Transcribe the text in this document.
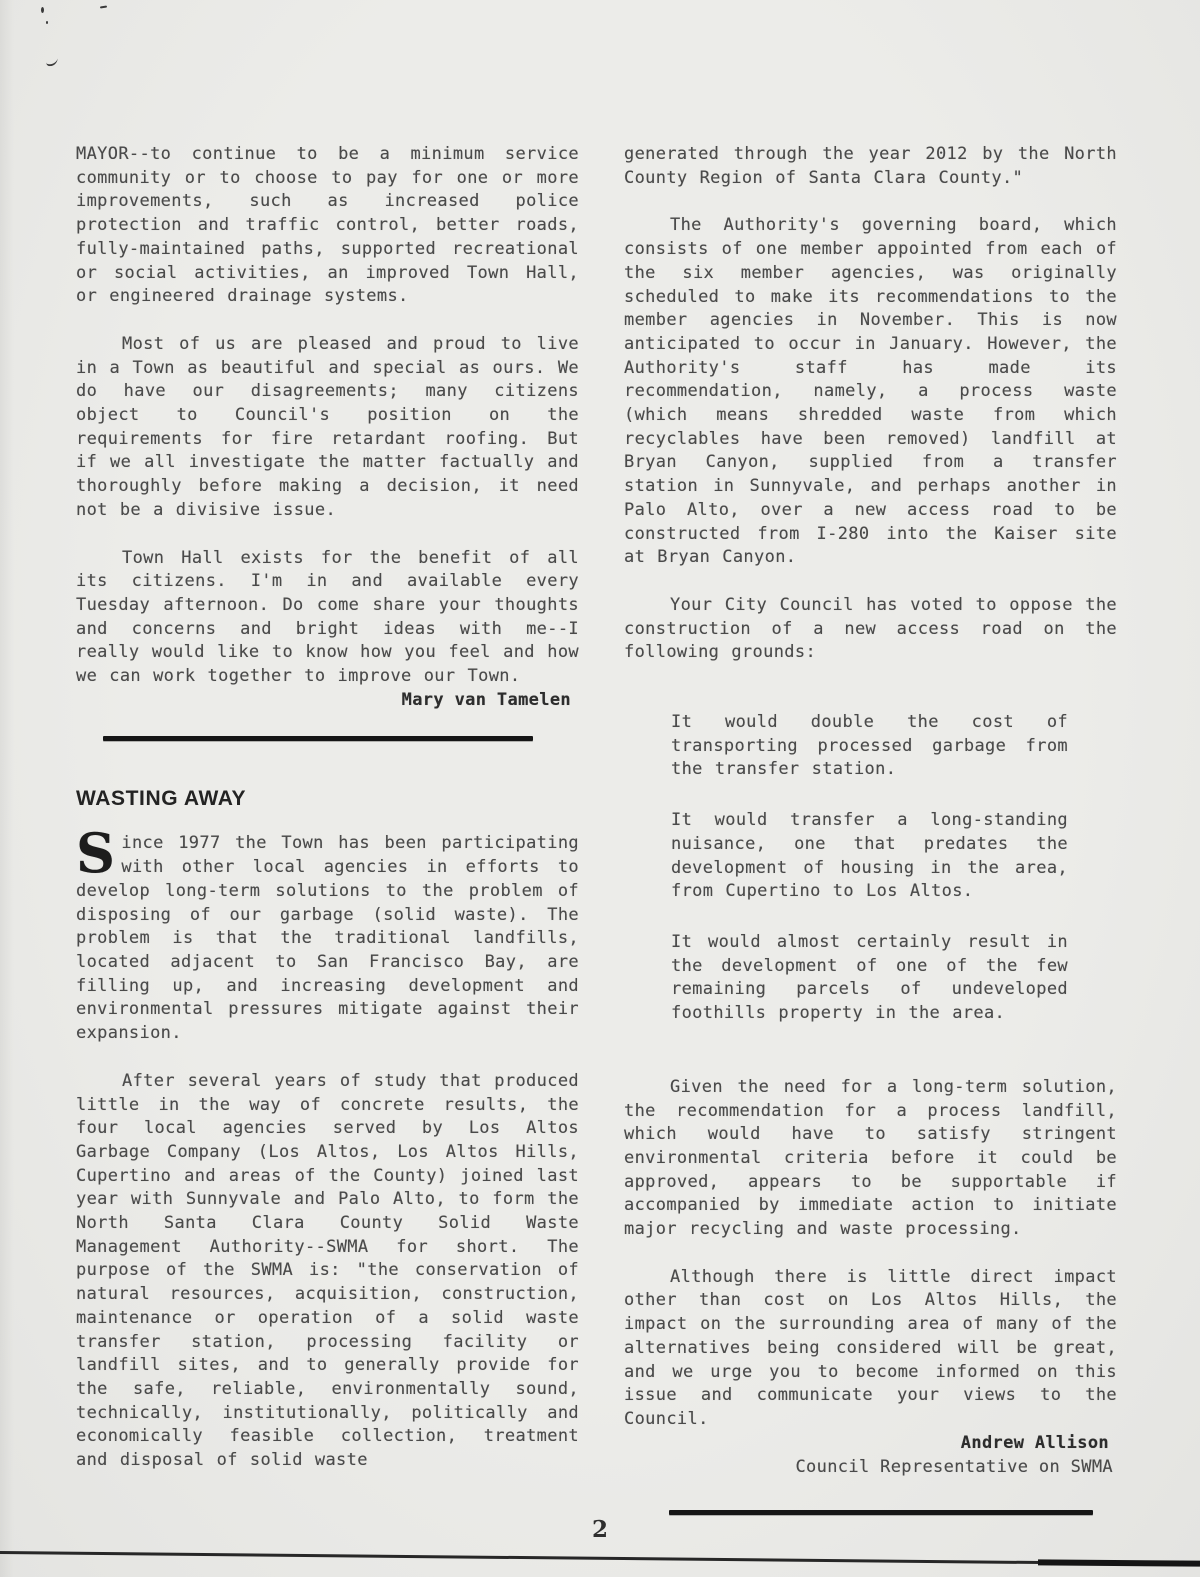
MAYOR--to continue to be a minimum service community or to choose to pay for one or more improvements, such as increased police protection and traffic control, better roads, fully-maintained paths, supported recreational or social activities, an improved Town Hall, or engineered drainage systems.

Most of us are pleased and proud to live in a Town as beautiful and special as ours. We do have our disagreements; many citizens object to Council's position on the requirements for fire retardant roofing. But if we all investigate the matter factually and thoroughly before making a decision, it need not be a divisive issue.

Town Hall exists for the benefit of all its citizens. I'm in and available every Tuesday afternoon. Do come share your thoughts and concerns and bright ideas with me--I really would like to know how you feel and how we can work together to improve our Town.

Mary van Tamelen
WASTING AWAY

Since 1977 the Town has been participating with other local agencies in efforts to develop long-term solutions to the problem of disposing of our garbage (solid waste). The problem is that the traditional landfills, located adjacent to San Francisco Bay, are filling up, and increasing development and environmental pressures mitigate against their expansion.

After several years of study that produced little in the way of concrete results, the four local agencies served by Los Altos Garbage Company (Los Altos, Los Altos Hills, Cupertino and areas of the County) joined last year with Sunnyvale and Palo Alto, to form the North Santa Clara County Solid Waste Management Authority--SWMA for short. The purpose of the SWMA is: "the conservation of natural resources, acquisition, construction, maintenance or operation of a solid waste transfer station, processing facility or landfill sites, and to generally provide for the safe, reliable, environmentally sound, technically, institutionally, politically and economically feasible collection, treatment and disposal of solid waste

generated through the year 2012 by the North County Region of Santa Clara County."

The Authority's governing board, which consists of one member appointed from each of the six member agencies, was originally scheduled to make its recommendations to the member agencies in November. This is now anticipated to occur in January. However, the Authority's staff has made its recommendation, namely, a process waste (which means shredded waste from which recyclables have been removed) landfill at Bryan Canyon, supplied from a transfer station in Sunnyvale, and perhaps another in Palo Alto, over a new access road to be constructed from I-280 into the Kaiser site at Bryan Canyon.

Your City Council has voted to oppose the construction of a new access road on the following grounds:

It would double the cost of transporting processed garbage from the transfer station.

It would transfer a long-standing nuisance, one that predates the development of housing in the area, from Cupertino to Los Altos.

It would almost certainly result in the development of one of the few remaining parcels of undeveloped foothills property in the area.

Given the need for a long-term solution, the recommendation for a process landfill, which would have to satisfy stringent environmental criteria before it could be approved, appears to be supportable if accompanied by immediate action to initiate major recycling and waste processing.

Although there is little direct impact other than cost on Los Altos Hills, the impact on the surrounding area of many of the alternatives being considered will be great, and we urge you to become informed on this issue and communicate your views to the Council.

Andrew Allison
Council Representative on SWMA
2
